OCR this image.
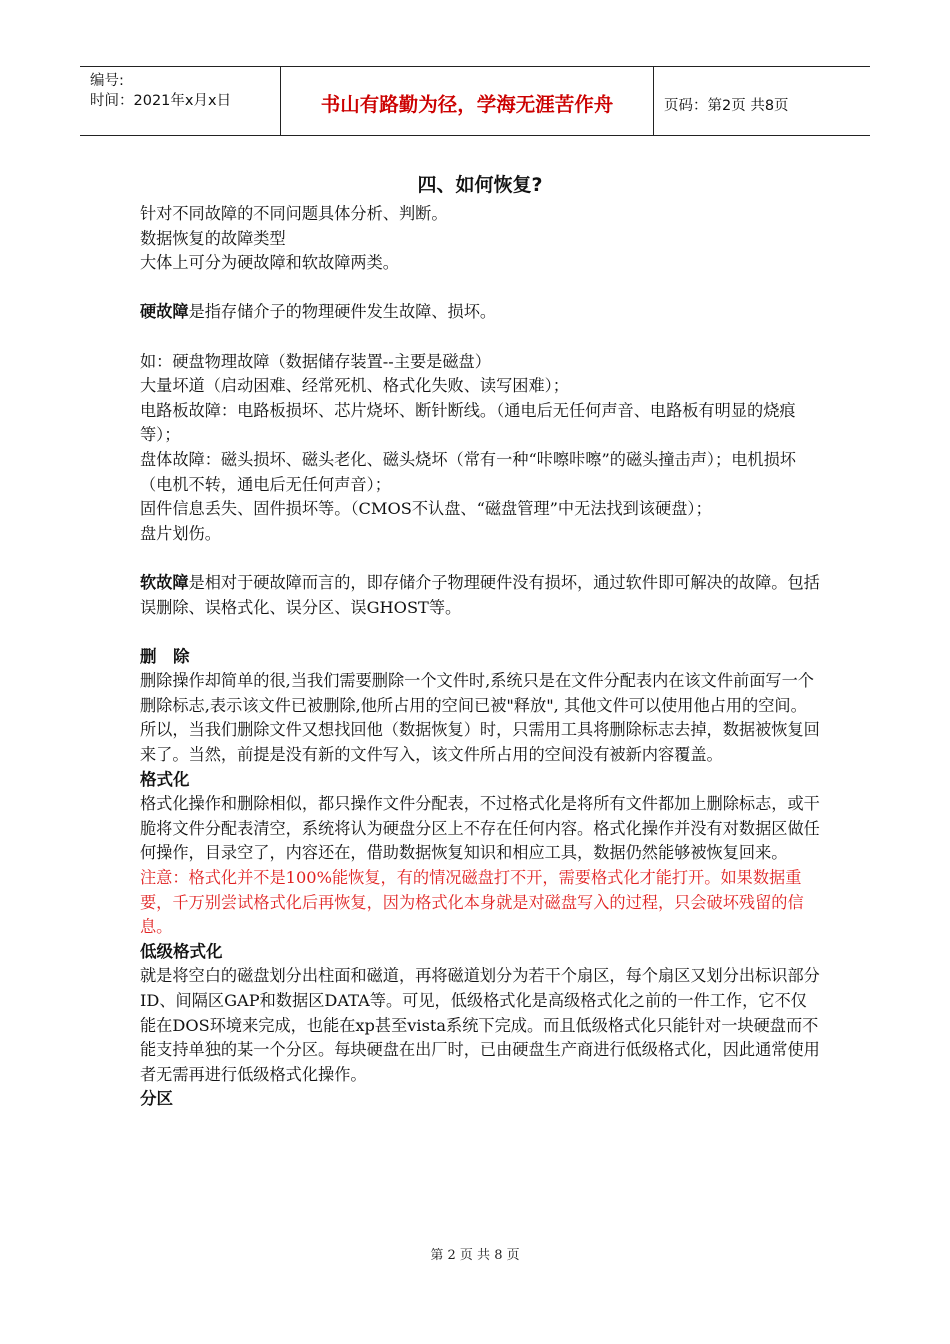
编号:
时间：2021年x月x日	书山有路勤为径，学海无涯苦作舟	页码：第2页 共8页
四、如何恢复?

针对不同故障的不同问题具体分析、判断。

数据恢复的故障类型

大体上可分为硬故障和软故障两类。

硬故障是指存储介子的物理硬件发生故障、损坏。

如：硬盘物理故障（数据储存装置--主要是磁盘）

大量坏道（启动困难、经常死机、格式化失败、读写困难）；

电路板故障：电路板损坏、芯片烧坏、断针断线。（通电后无任何声音、电路板有明显的烧痕等）；

盘体故障：磁头损坏、磁头老化、磁头烧坏（常有一种“咔嚓咔嚓”的磁头撞击声）；电机损坏（电机不转，通电后无任何声音）；

固件信息丢失、固件损坏等。（CMOS不认盘、“磁盘管理”中无法找到该硬盘）；

盘片划伤。

软故障是相对于硬故障而言的，即存储介子物理硬件没有损坏，通过软件即可解决的故障。包括误删除、误格式化、误分区、误GHOST等。

删　除

删除操作却简单的很,当我们需要删除一个文件时,系统只是在文件分配表内在该文件前面写一个删除标志,表示该文件已被删除,他所占用的空间已被"释放", 其他文件可以使用他占用的空间。所以，当我们删除文件又想找回他（数据恢复）时，只需用工具将删除标志去掉，数据被恢复回来了。当然，前提是没有新的文件写入，该文件所占用的空间没有被新内容覆盖。

格式化

格式化操作和删除相似，都只操作文件分配表，不过格式化是将所有文件都加上删除标志，或干脆将文件分配表清空，系统将认为硬盘分区上不存在任何内容。格式化操作并没有对数据区做任何操作，目录空了，内容还在，借助数据恢复知识和相应工具，数据仍然能够被恢复回来。

注意：格式化并不是100%能恢复，有的情况磁盘打不开，需要格式化才能打开。如果数据重要，千万别尝试格式化后再恢复，因为格式化本身就是对磁盘写入的过程，只会破坏残留的信息。

低级格式化

就是将空白的磁盘划分出柱面和磁道，再将磁道划分为若干个扇区，每个扇区又划分出标识部分ID、间隔区GAP和数据区DATA等。可见，低级格式化是高级格式化之前的一件工作，它不仅能在DOS环境来完成，也能在xp甚至vista系统下完成。而且低级格式化只能针对一块硬盘而不能支持单独的某一个分区。每块硬盘在出厂时，已由硬盘生产商进行低级格式化，因此通常使用者无需再进行低级格式化操作。

分区
第 2 页 共 8 页
